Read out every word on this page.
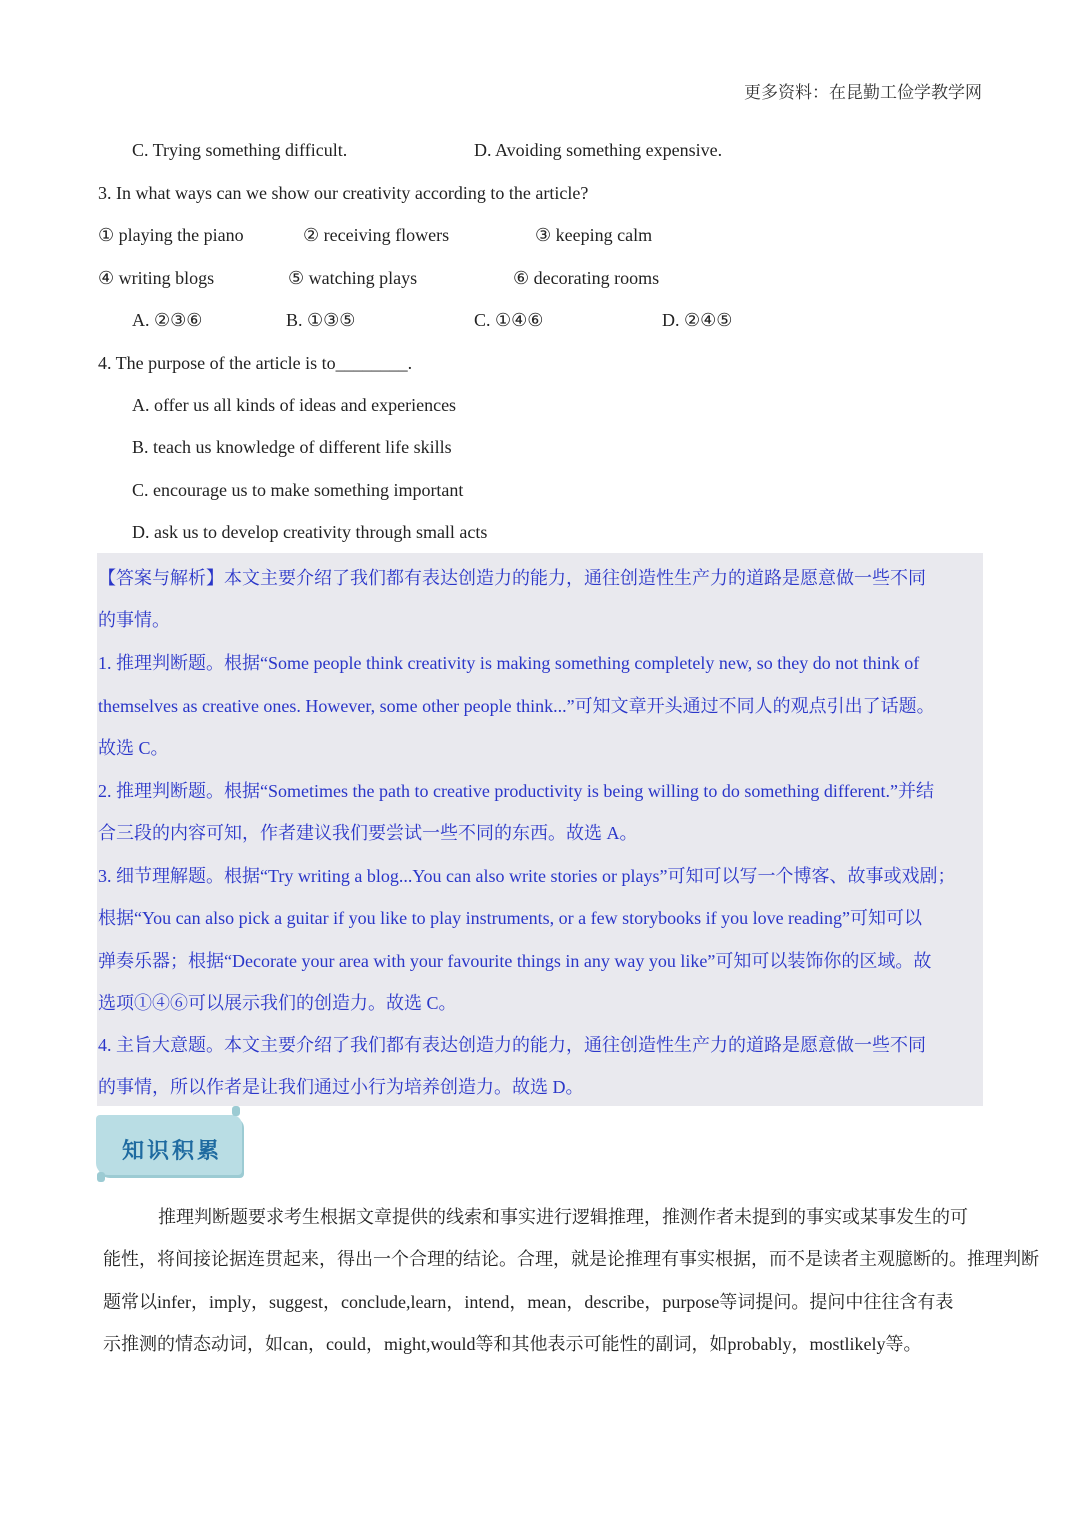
更多资料：在昆勤工俭学教学网
C. Trying something difficult.	D. Avoiding something expensive.
3. In what ways can we show our creativity according to the article?
① playing the piano	② receiving flowers	③ keeping calm
④ writing blogs	⑤ watching plays	⑥ decorating rooms
A. ②③⑥	B. ①③⑤	C. ①④⑥	D. ②④⑤
4. The purpose of the article is to________.
A. offer us all kinds of ideas and experiences
B. teach us knowledge of different life skills
C. encourage us to make something important
D. ask us to develop creativity through small acts
【答案与解析】本文主要介绍了我们都有表达创造力的能力，通往创造性生产力的道路是愿意做一些不同
的事情。
1. 推理判断题。根据“Some people think creativity is making something completely new, so they do not think of
themselves as creative ones. However, some other people think...”可知文章开头通过不同人的观点引出了话题。
故选 C。
2. 推理判断题。根据“Sometimes the path to creative productivity is being willing to do something different.”并结
合三段的内容可知，作者建议我们要尝试一些不同的东西。故选 A。
3. 细节理解题。根据“Try writing a blog...You can also write stories or plays”可知可以写一个博客、故事或戏剧；
根据“You can also pick a guitar if you like to play instruments, or a few storybooks if you love reading”可知可以
弹奏乐器；根据“Decorate your area with your favourite things in any way you like”可知可以装饰你的区域。故
选项①④⑥可以展示我们的创造力。故选 C。
4. 主旨大意题。本文主要介绍了我们都有表达创造力的能力，通往创造性生产力的道路是愿意做一些不同
的事情，所以作者是让我们通过小行为培养创造力。故选 D。
知识积累
推理判断题要求考生根据文章提供的线索和事实进行逻辑推理，推测作者未提到的事实或某事发生的可
能性，将间接论据连贯起来，得出一个合理的结论。合理，就是论推理有事实根据，而不是读者主观臆断的。推理判断
题常以infer，imply，suggest，conclude,learn，intend，mean，describe，purpose等词提问。提问中往往含有表
示推测的情态动词，如can，could，might,would等和其他表示可能性的副词，如probably，mostlikely等。
